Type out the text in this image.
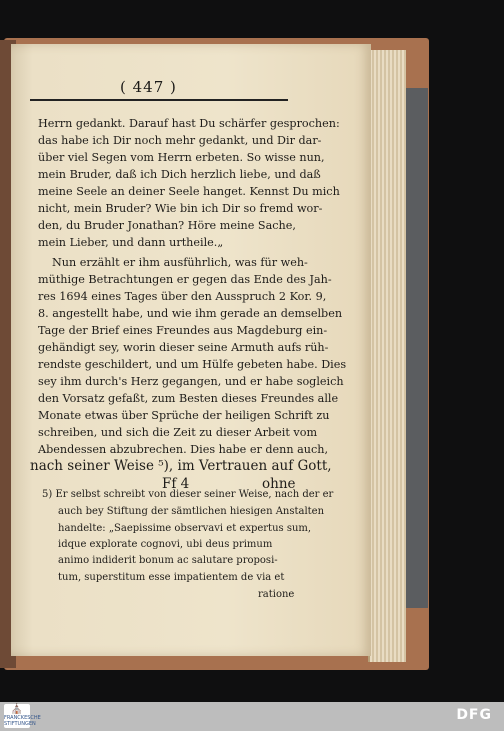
( 447 )
Herrn gedankt. Darauf hast Du schärfer gesprochen:
das habe ich Dir noch mehr gedankt, und Dir dar-
über viel Segen vom Herrn erbeten. So wisse nun,
mein Bruder, daß ich Dich herzlich liebe, und daß
meine Seele an deiner Seele hanget. Kennst Du mich
nicht, mein Bruder? Wie bin ich Dir so fremd wor-
den, du Bruder Jonathan? Höre meine Sache,
mein Lieber, und dann urtheile.„
Nun erzählt er ihm ausführlich, was für weh-
müthige Betrachtungen er gegen das Ende des Jah-
res 1694 eines Tages über den Ausspruch 2 Kor. 9,
8. angestellt habe, und wie ihm gerade an demselben
Tage der Brief eines Freundes aus Magdeburg ein-
gehändigt sey, worin dieser seine Armuth aufs rüh-
rendste geschildert, und um Hülfe gebeten habe. Dies
sey ihm durch's Herz gegangen, und er habe sogleich
den Vorsatz gefaßt, zum Besten dieses Freundes alle
Monate etwas über Sprüche der heiligen Schrift zu
schreiben, und sich die Zeit zu dieser Arbeit vom
Abendessen abzubrechen. Dies habe er denn auch,
nach seiner Weise ⁵), im Vertrauen auf Gott,
Ff 4	ohne
5) Er selbst schreibt von dieser seiner Weise, nach der er
auch bey Stiftung der sämtlichen hiesigen Anstalten
handelte: „Saepissime observavi et expertus sum,
idque explorate cognovi, ubi deus primum
animo indiderit bonum ac salutare proposi-
tum, superstitum esse impatientem de via et
ratione
⛪
FRANCKESCHE STIFTUNGEN
DFG
